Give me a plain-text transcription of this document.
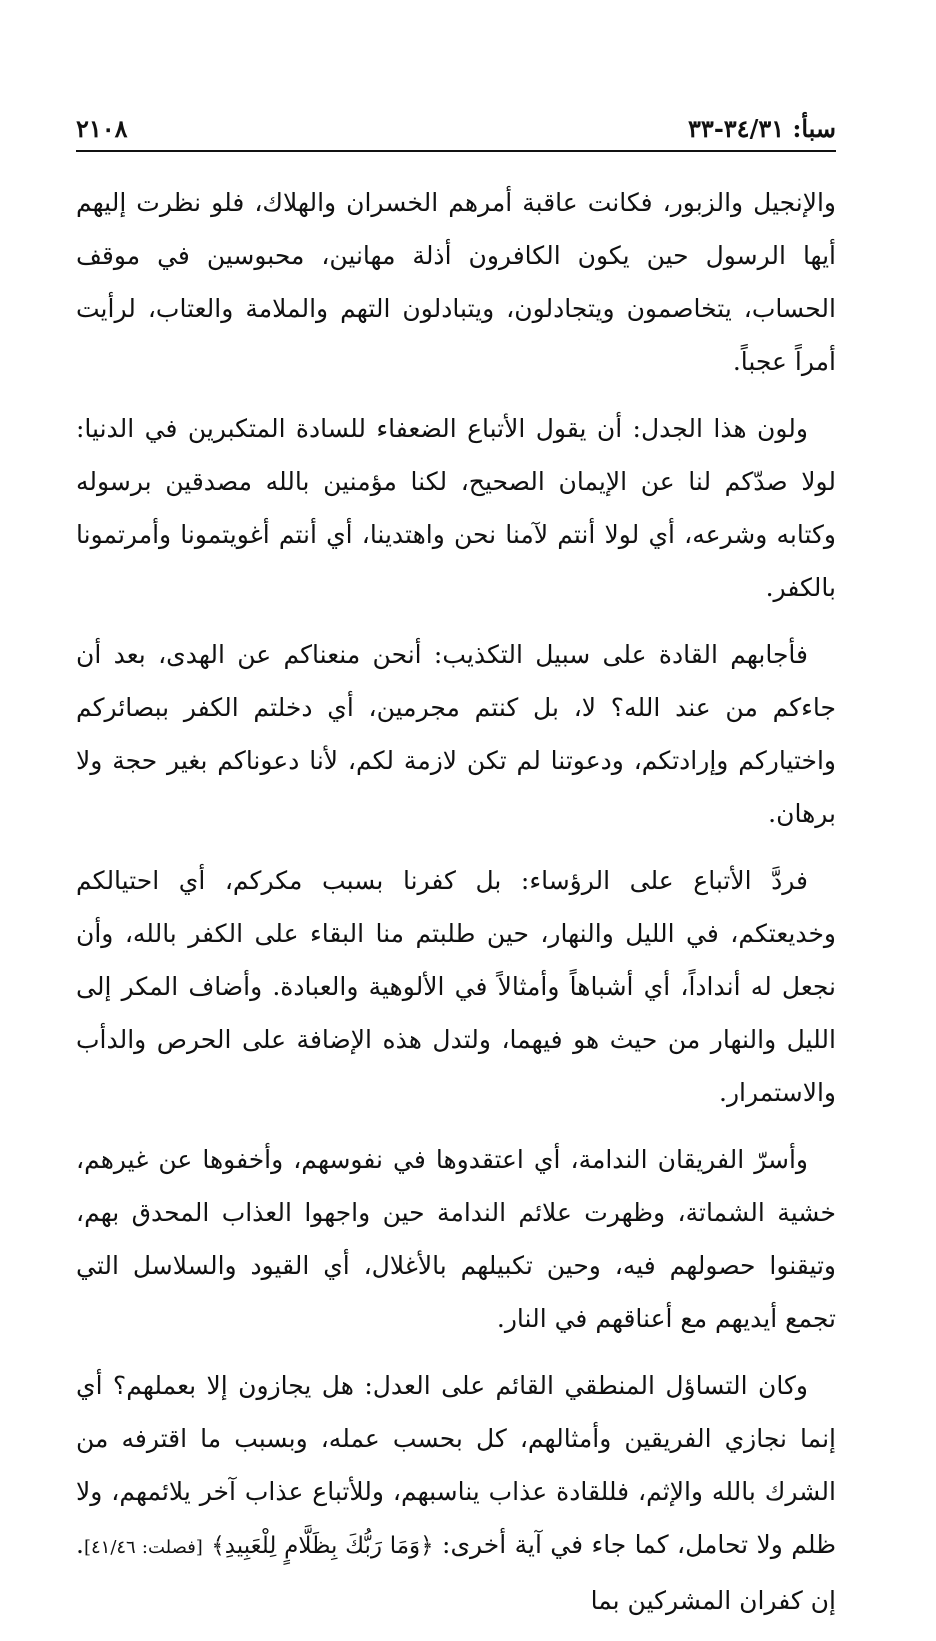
سبأ: ٣٤/٣١-٣٣
٢١٠٨

والإنجيل والزبور، فكانت عاقبة أمرهم الخسران والهلاك، فلو نظرت إليهم أيها الرسول حين يكون الكافرون أذلة مهانين، محبوسين في موقف الحساب، يتخاصمون ويتجادلون، ويتبادلون التهم والملامة والعتاب، لرأيت أمراً عجباً.

ولون هذا الجدل: أن يقول الأتباع الضعفاء للسادة المتكبرين في الدنيا: لولا صدّكم لنا عن الإيمان الصحيح، لكنا مؤمنين بالله مصدقين برسوله وكتابه وشرعه، أي لولا أنتم لآمنا نحن واهتدينا، أي أنتم أغويتمونا وأمرتمونا بالكفر.

فأجابهم القادة على سبيل التكذيب: أنحن منعناكم عن الهدى، بعد أن جاءكم من عند الله؟ لا، بل كنتم مجرمين، أي دخلتم الكفر ببصائركم واختياركم وإرادتكم، ودعوتنا لم تكن لازمة لكم، لأنا دعوناكم بغير حجة ولا برهان.

فردَّ الأتباع على الرؤساء: بل كفرنا بسبب مكركم، أي احتيالكم وخديعتكم، في الليل والنهار، حين طلبتم منا البقاء على الكفر بالله، وأن نجعل له أنداداً، أي أشباهاً وأمثالاً في الألوهية والعبادة. وأضاف المكر إلى الليل والنهار من حيث هو فيهما، ولتدل هذه الإضافة على الحرص والدأب والاستمرار.

وأسرّ الفريقان الندامة، أي اعتقدوها في نفوسهم، وأخفوها عن غيرهم، خشية الشماتة، وظهرت علائم الندامة حين واجهوا العذاب المحدق بهم، وتيقنوا حصولهم فيه، وحين تكبيلهم بالأغلال، أي القيود والسلاسل التي تجمع أيديهم مع أعناقهم في النار.

وكان التساؤل المنطقي القائم على العدل: هل يجازون إلا بعملهم؟ أي إنما نجازي الفريقين وأمثالهم، كل بحسب عمله، وبسبب ما اقترفه من الشرك بالله والإثم، فللقادة عذاب يناسبهم، وللأتباع عذاب آخر يلائمهم، ولا ظلم ولا تحامل، كما جاء في آية أخرى: ﴿وَمَا رَبُّكَ بِظَلَّامٍ لِلْعَبِيدِ﴾ [فصلت: ٤١/٤٦]. إن كفران المشركين بما
